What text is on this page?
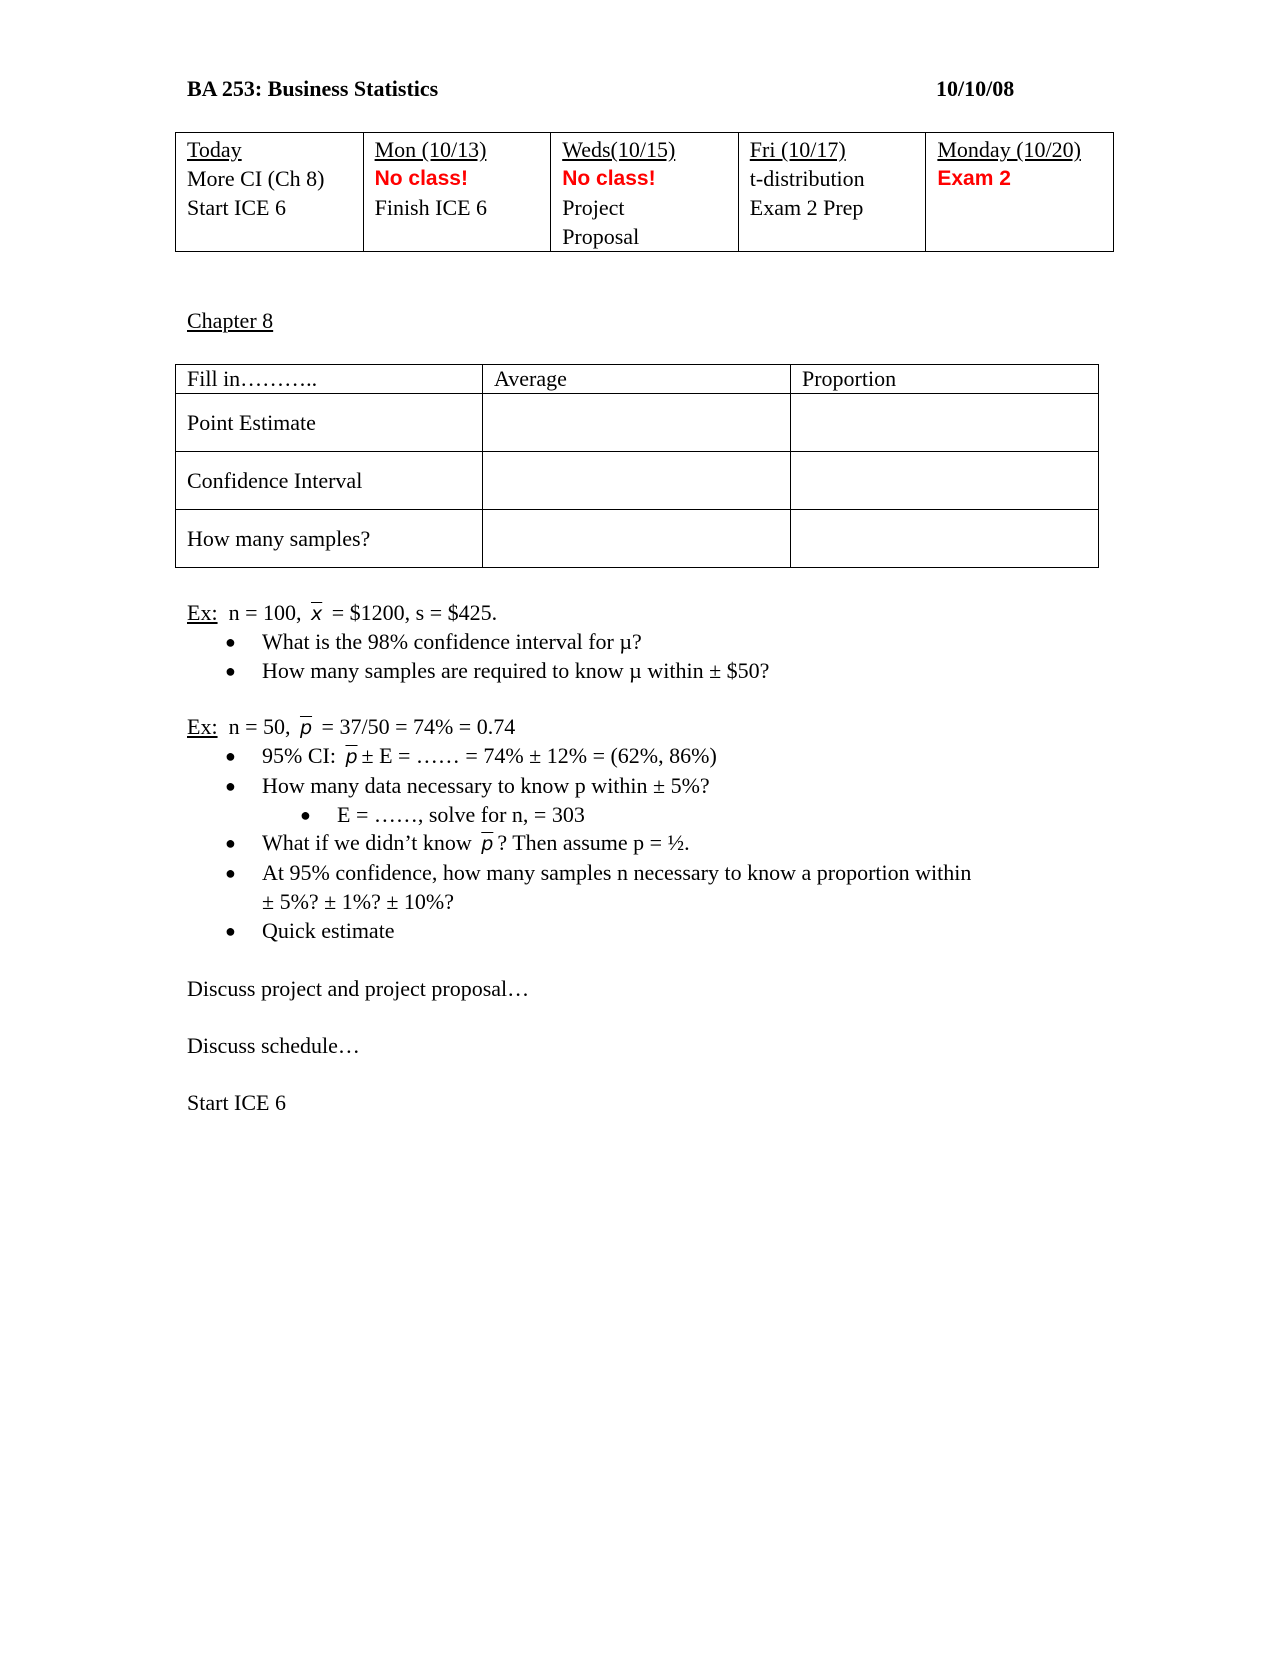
BA 253: Business Statistics	10/10/08
Today
More CI (Ch 8)
Start ICE 6

Mon (10/13)
No class!
Finish ICE 6

Weds(10/15)
No class!
Project
Proposal

Fri (10/17)
t-distribution
Exam 2 Prep

Monday (10/20)
Exam 2
Chapter 8
Fill in………..	Average	Proportion
Point Estimate		
Confidence Interval		
How many samples?		
Ex: n = 100, $\overline{x}$ = $1200, s = $425.
● What is the 98% confidence interval for µ?
● How many samples are required to know µ within ± $50?
Ex: n = 50, $\overline{p} = 37/50 = 74\% = 0.74$
● 95% CI: $\overline{p} \pm E$ = …… = 74% ± 12% = (62%, 86%)
● How many data necessary to know p within ± 5%?
● E = ……, solve for n, = 303
● What if we didn’t know $\overline{p}$ ? Then assume p = ½.
● At 95% confidence, how many samples n necessary to know a proportion within
± 5%? ± 1%? ± 10%?
● Quick estimate
Discuss project and project proposal…
Discuss schedule…
Start ICE 6
